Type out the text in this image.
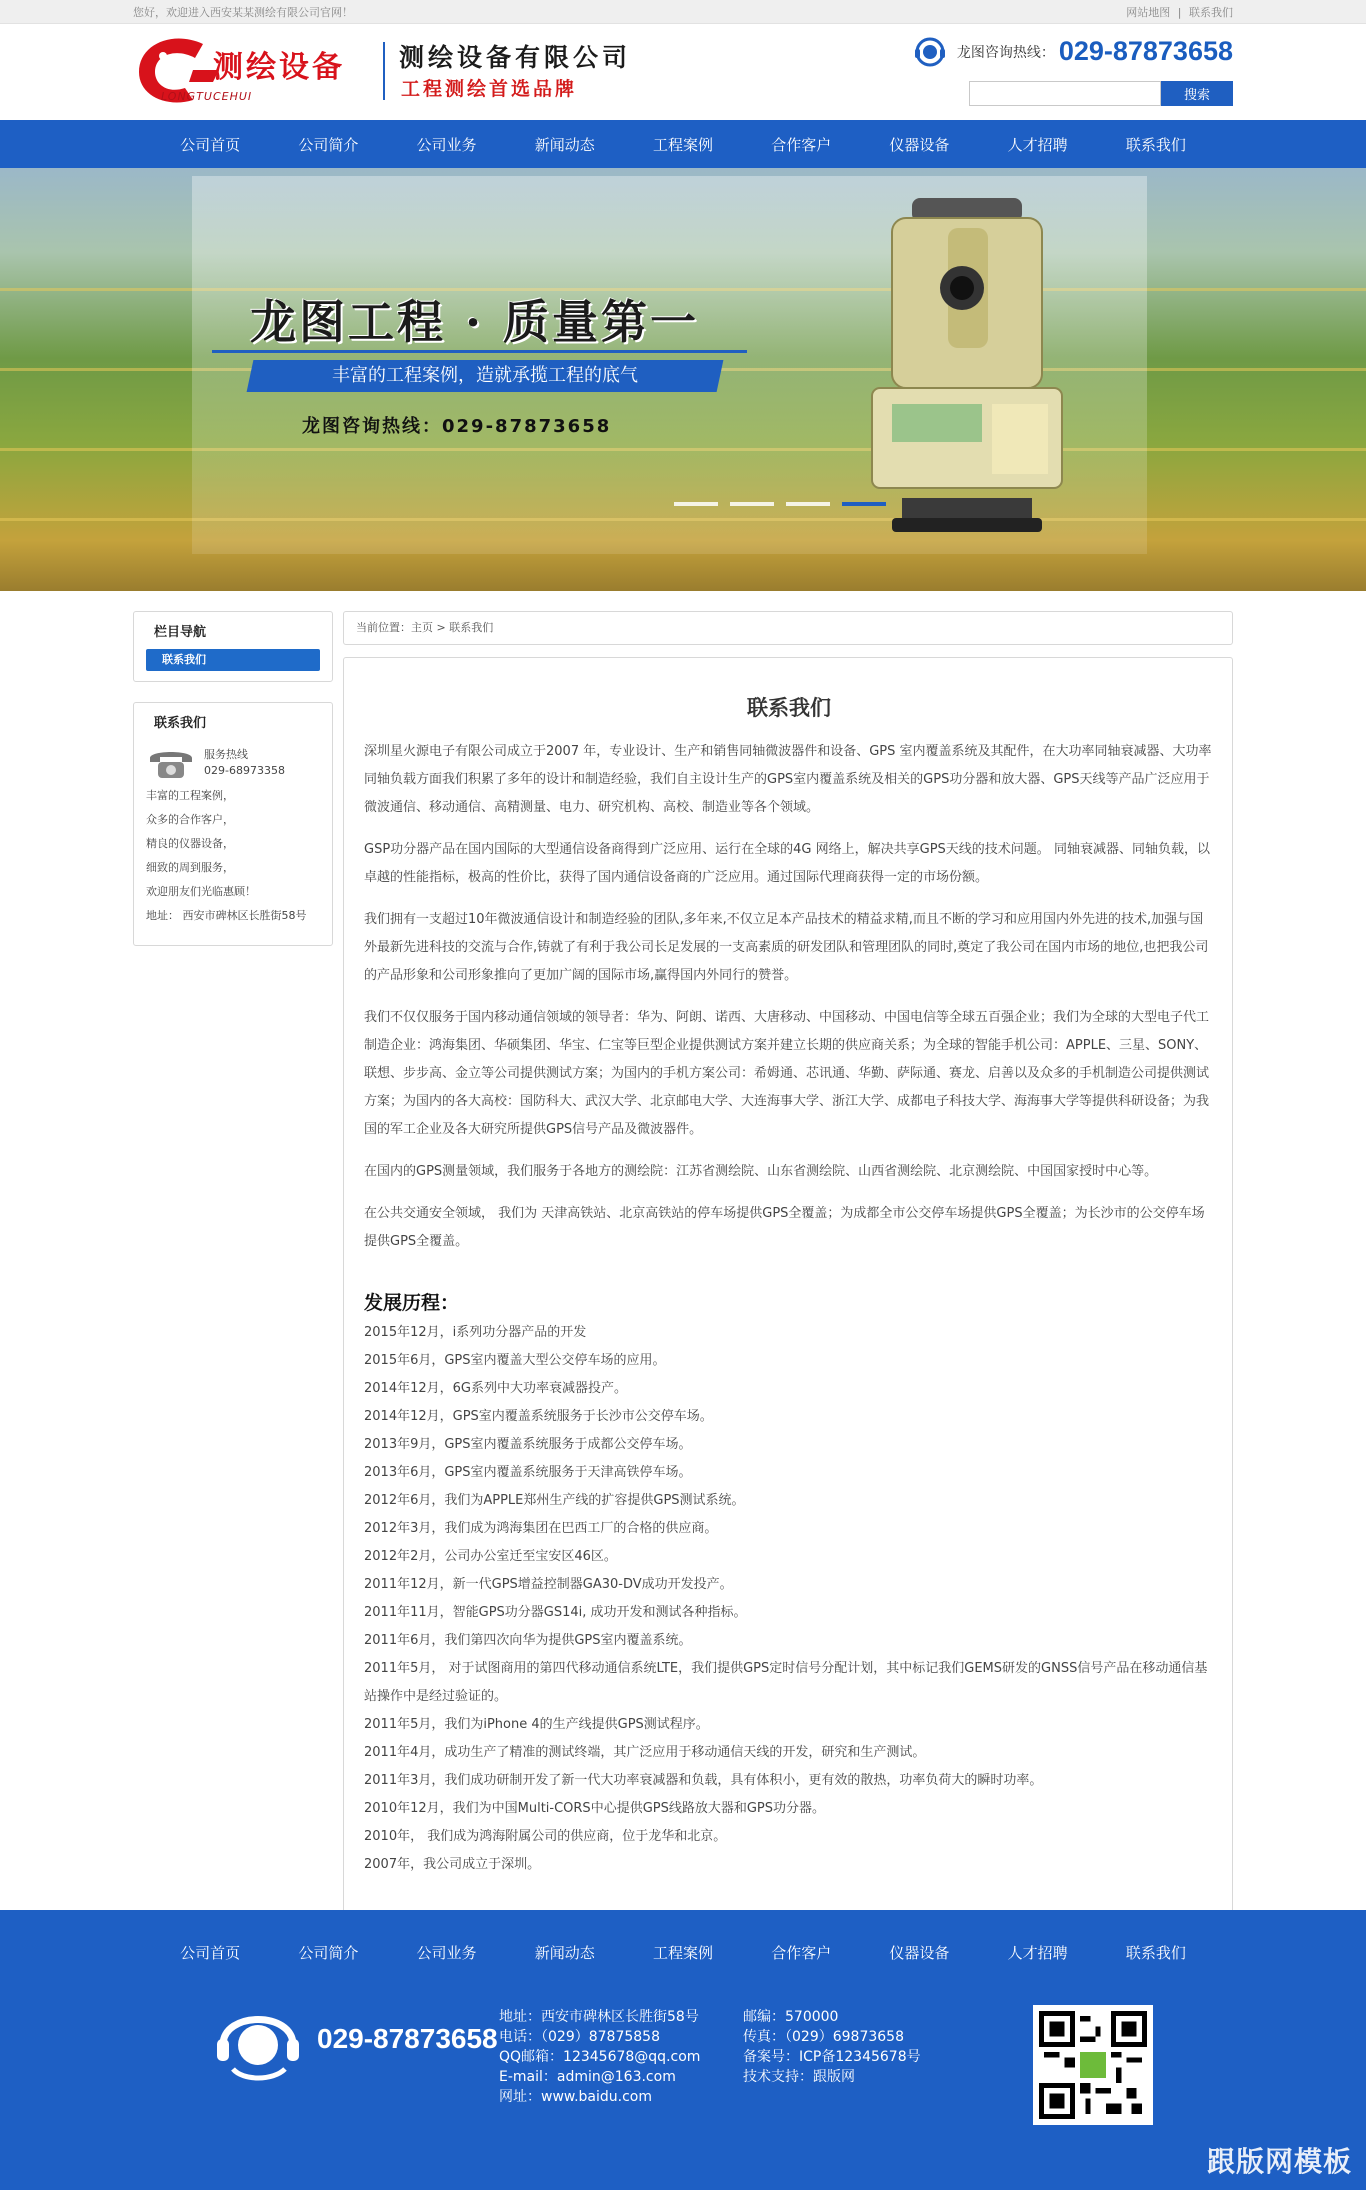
您好，欢迎进入西安某某测绘有限公司官网！	网站地图 | 联系我们
测绘设备
LONGTUCEHUI
测绘设备有限公司
工程测绘首选品牌
龙图咨询热线： 029-87873658
搜索
公司首页	公司简介	公司业务	新闻动态	工程案例	合作客户	仪器设备	人才招聘	联系我们
龙图工程 · 质量第一
丰富的工程案例，造就承揽工程的底气
龙图咨询热线：029-87873658
栏目导航
联系我们
联系我们

服务热线
029-68973358

丰富的工程案例，

众多的合作客户，

精良的仪器设备，

细致的周到服务，

欢迎朋友们光临惠顾！

地址： 西安市碑林区长胜街58号

当前位置：主页 > 联系我们
联系我们

深圳星火源电子有限公司成立于2007 年，专业设计、生产和销售同轴微波器件和设备、GPS 室内覆盖系统及其配件，在大功率同轴衰减器、大功率同轴负载方面我们积累了多年的设计和制造经验，我们自主设计生产的GPS室内覆盖系统及相关的GPS功分器和放大器、GPS天线等产品广泛应用于微波通信、移动通信、高精测量、电力、研究机构、高校、制造业等各个领域。

GSP功分器产品在国内国际的大型通信设备商得到广泛应用、运行在全球的4G 网络上，解决共享GPS天线的技术问题。 同轴衰减器、同轴负载，以卓越的性能指标，极高的性价比，获得了国内通信设备商的广泛应用。通过国际代理商获得一定的市场份额。

我们拥有一支超过10年微波通信设计和制造经验的团队,多年来,不仅立足本产品技术的精益求精,而且不断的学习和应用国内外先进的技术,加强与国外最新先进科技的交流与合作,铸就了有利于我公司长足发展的一支高素质的研发团队和管理团队的同时,奠定了我公司在国内市场的地位,也把我公司的产品形象和公司形象推向了更加广阔的国际市场,赢得国内外同行的赞誉。

我们不仅仅服务于国内移动通信领域的领导者：华为、阿朗、诺西、大唐移动、中国移动、中国电信等全球五百强企业；我们为全球的大型电子代工制造企业：鸿海集团、华硕集团、华宝、仁宝等巨型企业提供测试方案并建立长期的供应商关系；为全球的智能手机公司：APPLE、三星、SONY、联想、步步高、金立等公司提供测试方案；为国内的手机方案公司：希姆通、芯讯通、华勤、萨际通、赛龙、启善以及众多的手机制造公司提供测试方案；为国内的各大高校：国防科大、武汉大学、北京邮电大学、大连海事大学、浙江大学、成都电子科技大学、海海事大学等提供科研设备；为我国的军工企业及各大研究所提供GPS信号产品及微波器件。

在国内的GPS测量领域，我们服务于各地方的测绘院：江苏省测绘院、山东省测绘院、山西省测绘院、北京测绘院、中国国家授时中心等。

在公共交通安全领域， 我们为 天津高铁站、北京高铁站的停车场提供GPS全覆盖；为成都全市公交停车场提供GPS全覆盖；为长沙市的公交停车场提供GPS全覆盖。

发展历程：

2015年12月，i系列功分器产品的开发

2015年6月，GPS室内覆盖大型公交停车场的应用。

2014年12月，6G系列中大功率衰减器投产。

2014年12月，GPS室内覆盖系统服务于长沙市公交停车场。

2013年9月，GPS室内覆盖系统服务于成都公交停车场。

2013年6月，GPS室内覆盖系统服务于天津高铁停车场。

2012年6月，我们为APPLE郑州生产线的扩容提供GPS测试系统。

2012年3月，我们成为鸿海集团在巴西工厂的合格的供应商。

2012年2月，公司办公室迁至宝安区46区。

2011年12月，新一代GPS增益控制器GA30-DV成功开发投产。

2011年11月，智能GPS功分器GS14i, 成功开发和测试各种指标。

2011年6月，我们第四次向华为提供GPS室内覆盖系统。

2011年5月， 对于试图商用的第四代移动通信系统LTE，我们提供GPS定时信号分配计划，其中标记我们GEMS研发的GNSS信号产品在移动通信基站操作中是经过验证的。

2011年5月，我们为iPhone 4的生产线提供GPS测试程序。

2011年4月，成功生产了精准的测试终端，其广泛应用于移动通信天线的开发，研究和生产测试。

2011年3月，我们成功研制开发了新一代大功率衰减器和负载，具有体积小，更有效的散热，功率负荷大的瞬时功率。

2010年12月，我们为中国Multi-CORS中心提供GPS线路放大器和GPS功分器。

2010年， 我们成为鸿海附属公司的供应商，位于龙华和北京。

2007年，我公司成立于深圳。

公司首页	公司简介	公司业务	新闻动态	工程案例	合作客户	仪器设备	人才招聘	联系我们
029-87873658

地址：西安市碑林区长胜街58号

电话：（029）87875858

QQ邮箱：12345678@qq.com

E-mail：admin@163.com

网址：www.baidu.com

邮编：570000

传真：（029）69873658

备案号：ICP备12345678号

技术支持：跟版网

跟版网模板
